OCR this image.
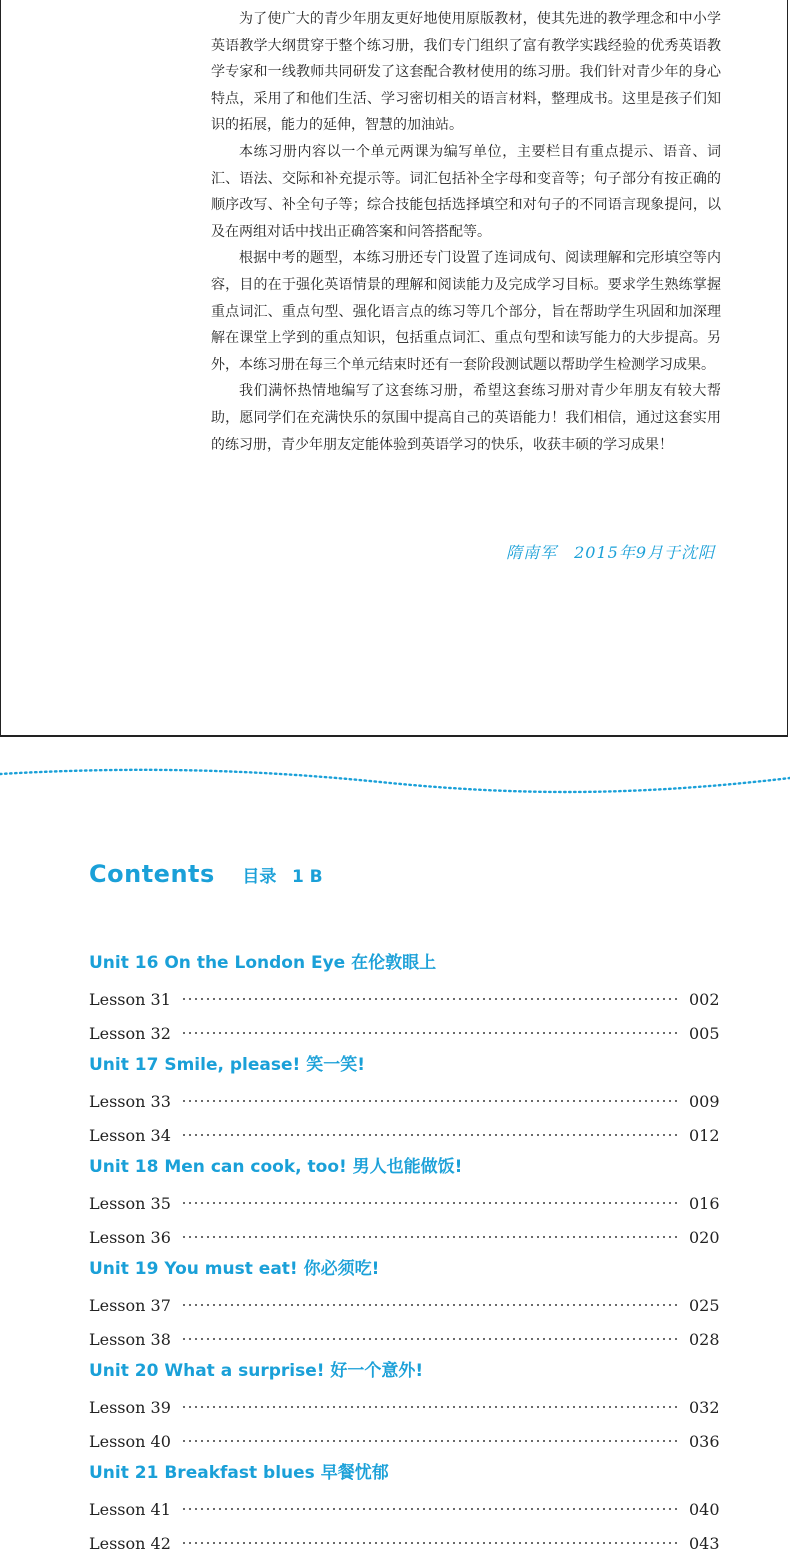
为了使广大的青少年朋友更好地使用原版教材，使其先进的教学理念和中小学英语教学大纲贯穿于整个练习册，我们专门组织了富有教学实践经验的优秀英语教学专家和一线教师共同研发了这套配合教材使用的练习册。我们针对青少年的身心特点，采用了和他们生活、学习密切相关的语言材料，整理成书。这里是孩子们知识的拓展，能力的延伸，智慧的加油站。

本练习册内容以一个单元两课为编写单位，主要栏目有重点提示、语音、词汇、语法、交际和补充提示等。词汇包括补全字母和变音等；句子部分有按正确的顺序改写、补全句子等；综合技能包括选择填空和对句子的不同语言现象提问，以及在两组对话中找出正确答案和问答搭配等。

根据中考的题型，本练习册还专门设置了连词成句、阅读理解和完形填空等内容，目的在于强化英语情景的理解和阅读能力及完成学习目标。要求学生熟练掌握重点词汇、重点句型、强化语言点的练习等几个部分，旨在帮助学生巩固和加深理解在课堂上学到的重点知识，包括重点词汇、重点句型和读写能力的大步提高。另外，本练习册在每三个单元结束时还有一套阶段测试题以帮助学生检测学习成果。

我们满怀热情地编写了这套练习册，希望这套练习册对青少年朋友有较大帮助，愿同学们在充满快乐的氛围中提高自己的英语能力！我们相信，通过这套实用的练习册，青少年朋友定能体验到英语学习的快乐，收获丰硕的学习成果！

隋南军　2015年9月于沈阳
Contents 目录 1 B
Unit 16 On the London Eye 在伦敦眼上
Lesson 31	002
Lesson 32	005
Unit 17 Smile, please! 笑一笑!
Lesson 33	009
Lesson 34	012
Unit 18 Men can cook, too! 男人也能做饭!
Lesson 35	016
Lesson 36	020
Unit 19 You must eat! 你必须吃!
Lesson 37	025
Lesson 38	028
Unit 20 What a surprise! 好一个意外!
Lesson 39	032
Lesson 40	036
Unit 21 Breakfast blues 早餐忧郁
Lesson 41	040
Lesson 42	043
